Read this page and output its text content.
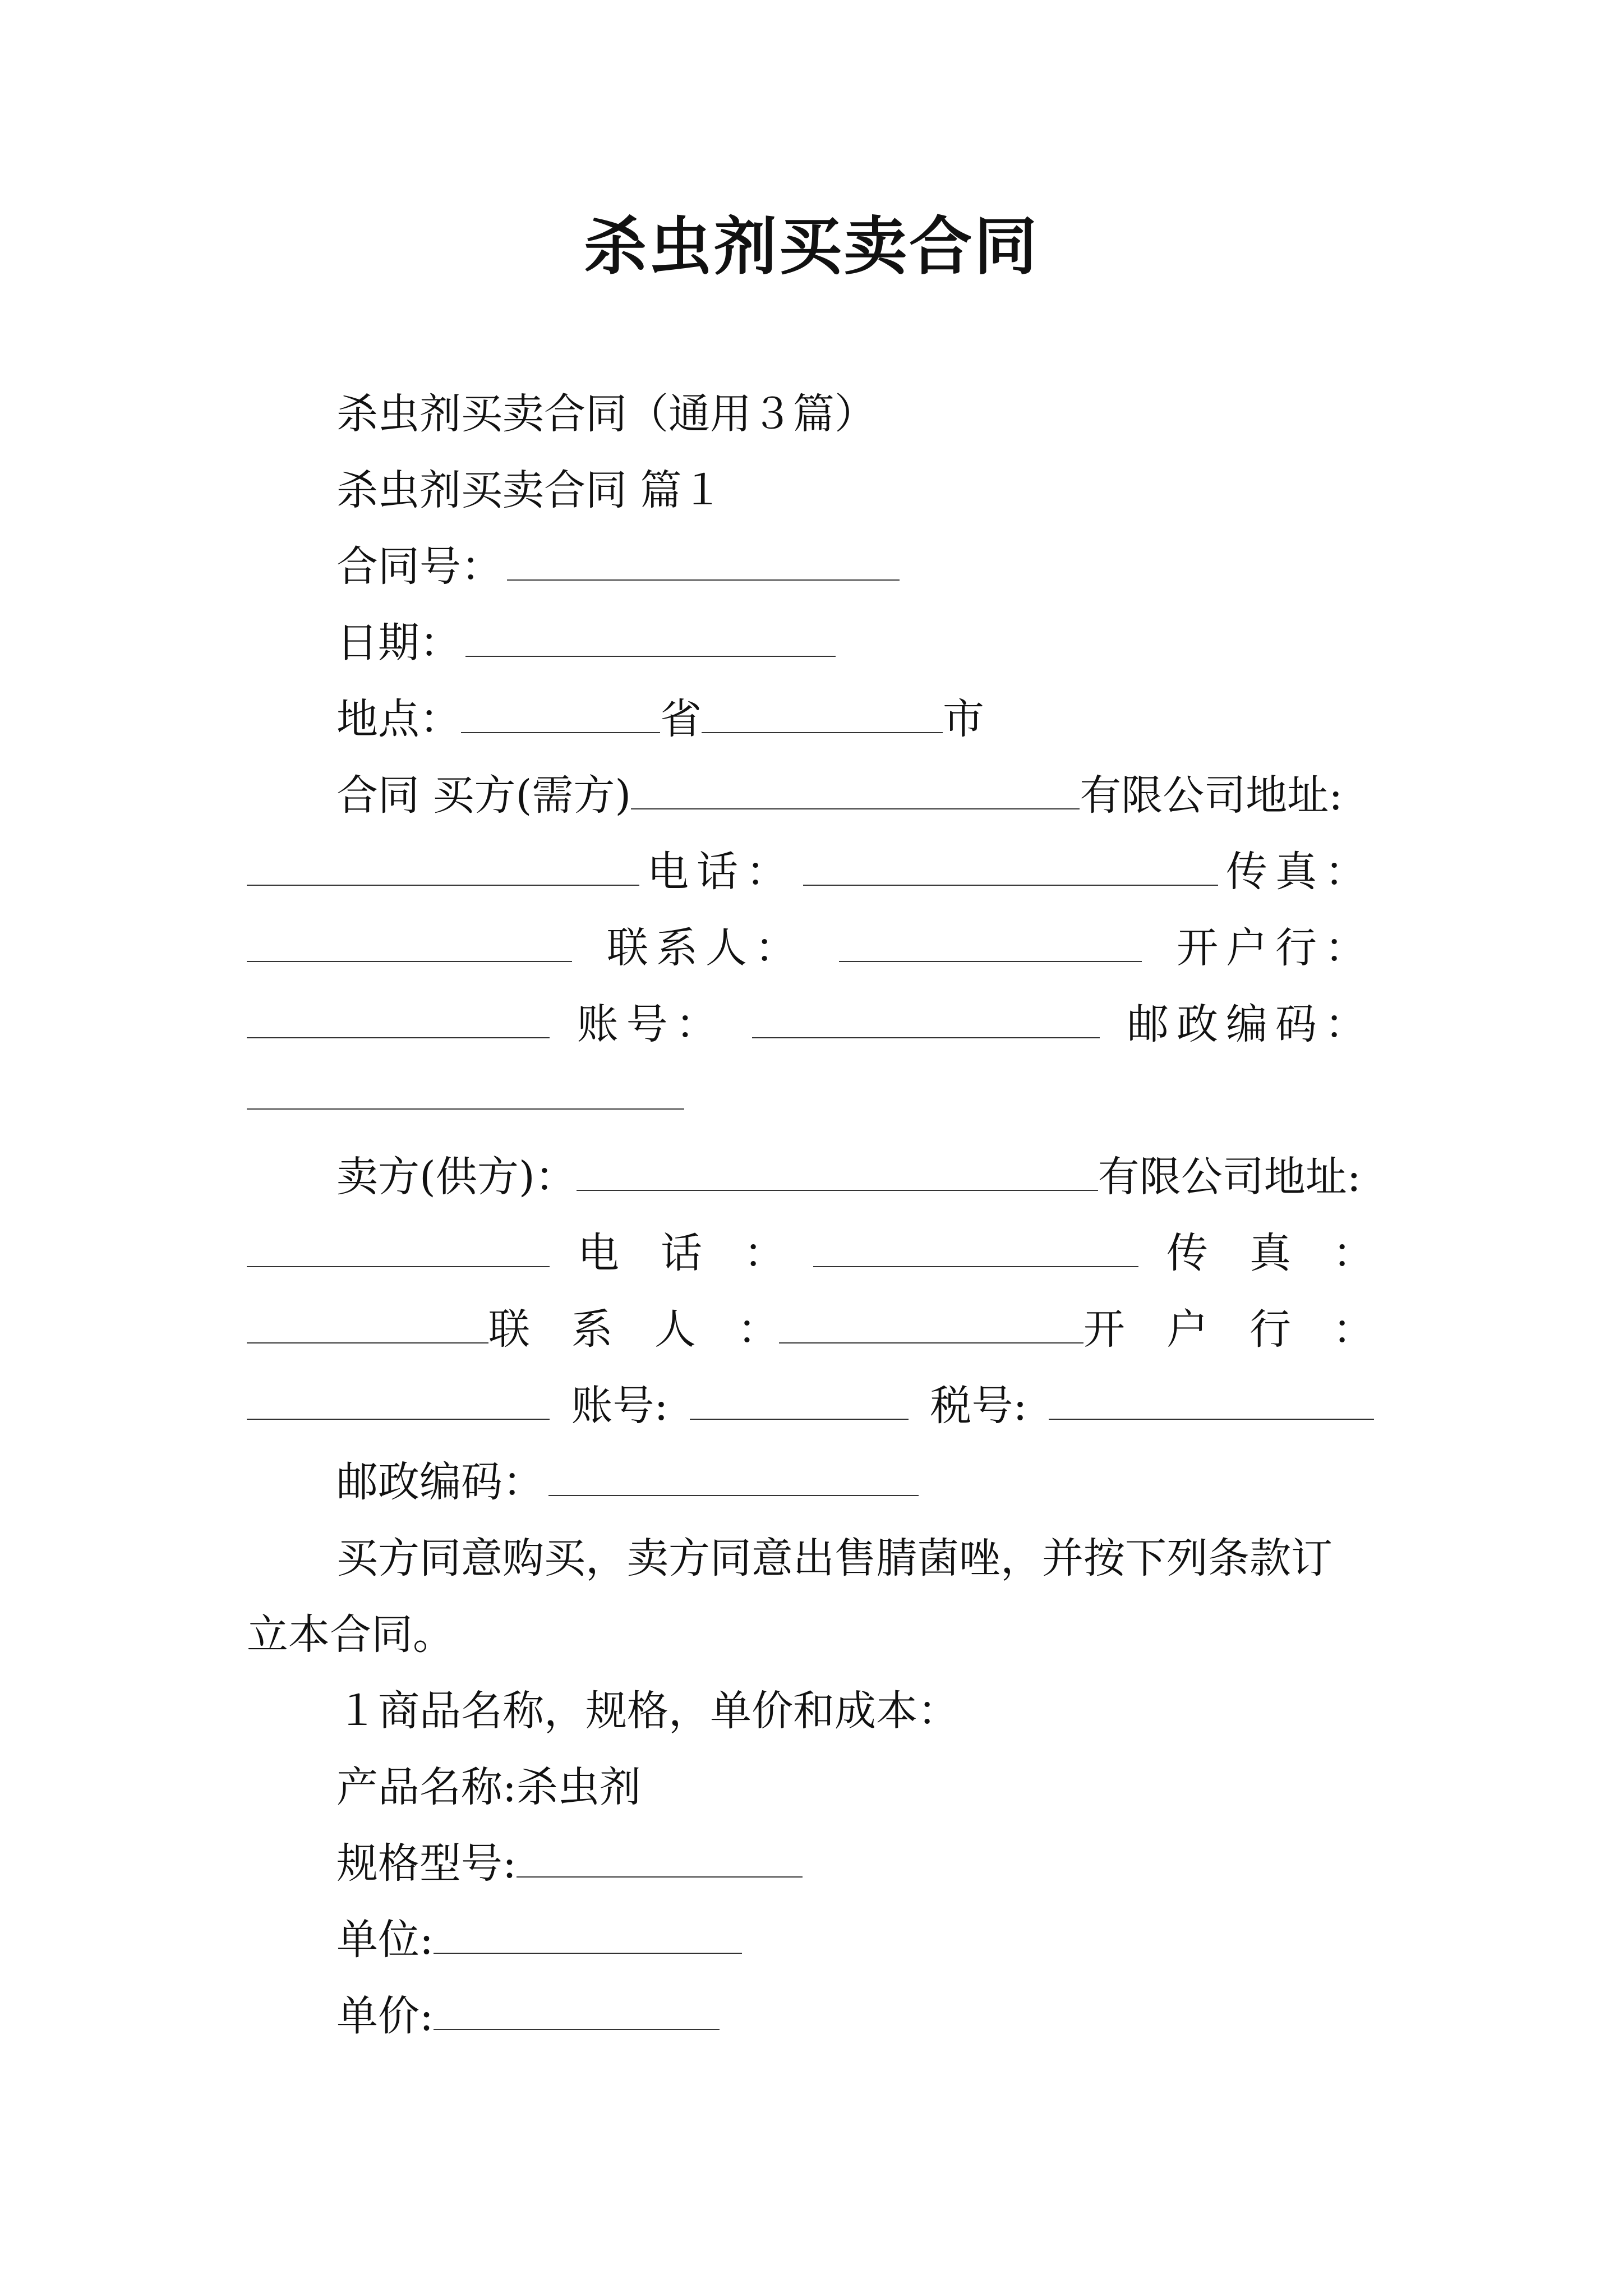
杀虫剂买卖合同
杀虫剂买卖合同（通用３篇）
杀虫剂买卖合同 篇１
合同号：
日期：
地点：	省	市
合同 买方(需方)	有限公司地址:
电话：	传真：
联系人：	开户行：
账号：	邮政编码：
卖方(供方)：	有限公司地址:
电　话　：	传　真　：
联　系　人　：	开　户　行　：
账号:	税号:
邮政编码：
买方同意购买，卖方同意出售腈菌唑，并按下列条款订
立本合同。
１商品名称，规格，单价和成本：
产品名称:杀虫剂
规格型号:
单位:
单价:
